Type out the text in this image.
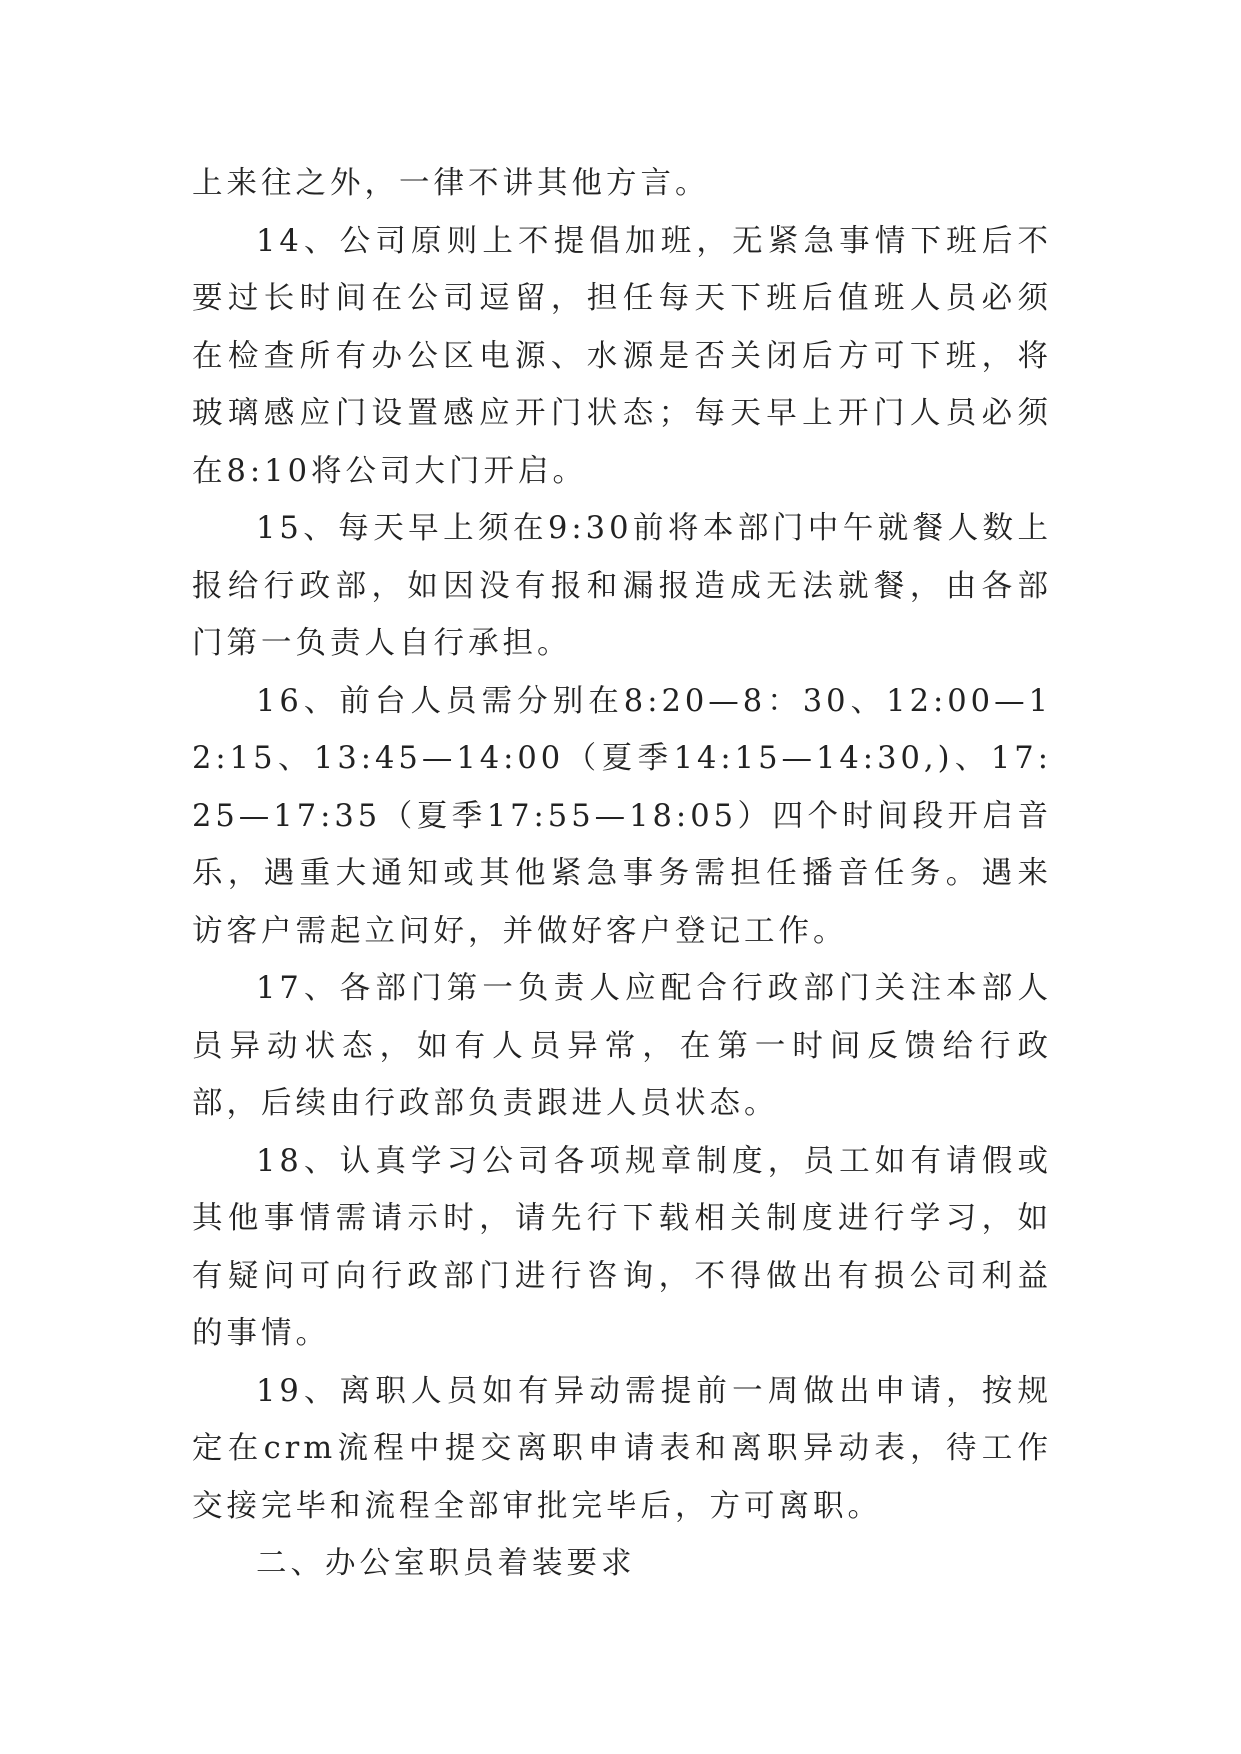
上来往之外，一律不讲其他方言。

14、公司原则上不提倡加班，无紧急事情下班后不要过长时间在公司逗留，担任每天下班后值班人员必须在检查所有办公区电源、水源是否关闭后方可下班，将玻璃感应门设置感应开门状态；每天早上开门人员必须在8:10将公司大门开启。

15、每天早上须在9:30前将本部门中午就餐人数上报给行政部，如因没有报和漏报造成无法就餐，由各部门第一负责人自行承担。

16、前台人员需分别在8:20—8：30、12:00—12:15、13:45—14:00（夏季14:15—14:30,)、17:25—17:35（夏季17:55—18:05）四个时间段开启音乐，遇重大通知或其他紧急事务需担任播音任务。遇来访客户需起立问好，并做好客户登记工作。

17、各部门第一负责人应配合行政部门关注本部人员异动状态，如有人员异常，在第一时间反馈给行政部，后续由行政部负责跟进人员状态。

18、认真学习公司各项规章制度，员工如有请假或其他事情需请示时，请先行下载相关制度进行学习，如有疑问可向行政部门进行咨询，不得做出有损公司利益的事情。

19、离职人员如有异动需提前一周做出申请，按规定在crm流程中提交离职申请表和离职异动表，待工作交接完毕和流程全部审批完毕后，方可离职。

二、办公室职员着装要求
